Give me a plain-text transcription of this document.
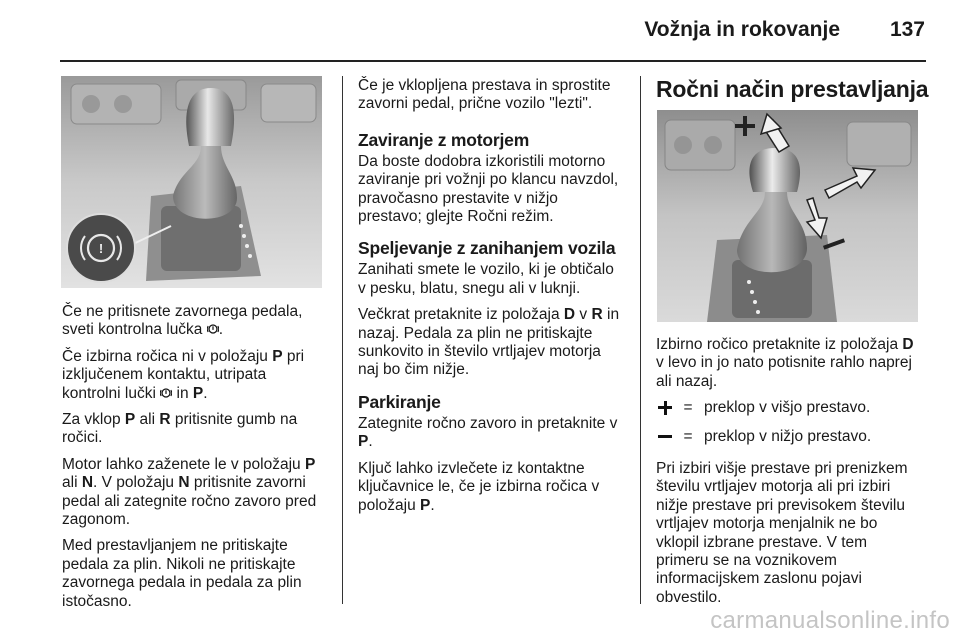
Vožnja in rokovanje	137
!

Če ne pritisnete zavornega pedala, sveti kontrolna lučka .

Če izbirna ročica ni v položaju P pri izključenem kontaktu, utripata kontrolni lučki  in P.

Za vklop P ali R pritisnite gumb na ročici.

Motor lahko zaženete le v položaju P ali N. V položaju N pritisnite zavorni pedal ali zategnite ročno zavoro pred zagonom.

Med prestavljanjem ne pritiskajte pedala za plin. Nikoli ne pritiskajte zavornega pedala in pedala za plin istočasno.

Če je vklopljena prestava in sprostite zavorni pedal, prične vozilo "lezti".

Zaviranje z motorjem

Da boste dodobra izkoristili motorno zaviranje pri vožnji po klancu navzdol, pravočasno prestavite v nižjo prestavo; glejte Ročni režim.

Speljevanje z zanihanjem vozila

Zanihati smete le vozilo, ki je obtičalo v pesku, blatu, snegu ali v luknji.

Večkrat pretaknite iz položaja D v R in nazaj. Pedala za plin ne pritiskajte sunkovito in število vrtljajev motorja naj bo čim nižje.

Parkiranje

Zategnite ročno zavoro in pretaknite v P.

Ključ lahko izvlečete iz kontaktne ključavnice le, če je izbirna ročica v položaju P.

Ročni način prestavljanja

Izbirno ročico pretaknite iz položaja D v levo in jo nato potisnite rahlo naprej ali nazaj.

= preklop v višjo prestavo.
= preklop v nižjo prestavo.

Pri izbiri višje prestave pri prenizkem številu vrtljajev motorja ali pri izbiri nižje prestave pri previsokem številu vrtljajev motorja menjalnik ne bo vklopil izbrane prestave. V tem primeru se na voznikovem informacijskem zaslonu pojavi obvestilo.

carmanualsonline.info
